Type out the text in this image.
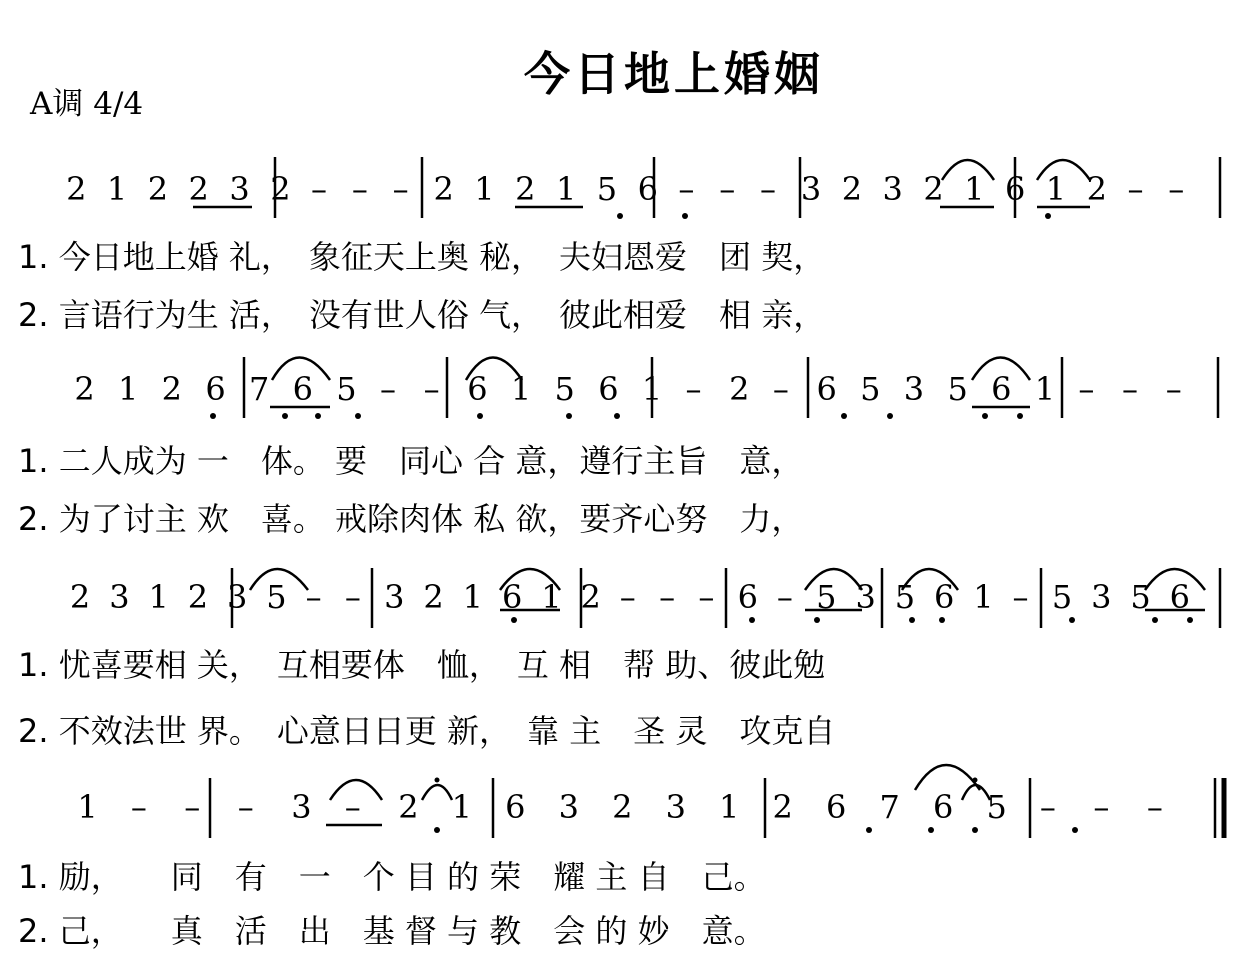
今日地上婚姻
A调 4/4
2 1 2 2 3 2 – – – 2 1 2 1 5 6 – – – 3 2 3 2 1 6 1 2 – –
2 1 2 6 7 6 5 – – 6 1 5 6 1 – 2 – 6 5 3 5 6 1 – – –
2 3 1 2 3 5 – – 3 2 1 6 1 2 – – – 6 – 5 3 5 6 1 – 5 3 5 6
1 – – – 3 – 2 1 6 3 2 3 1 2 6 7 6 5 – – –
1. 今日地上婚 礼，　象征天上奥 秘，　夫妇恩爱　团 契，
2. 言语行为生 活，　没有世人俗 气，　彼此相爱　相 亲，
1. 二人成为 一　体。 要　同心 合 意，遵行主旨　意，
2. 为了讨主 欢　喜。 戒除肉体 私 欲，要齐心努　力，
1. 忧喜要相 关，　互相要体　恤，　互 相　帮 助、彼此勉
2. 不效法世 界。　心意日日更 新，　靠 主　圣 灵　攻克自
1. 励，　　同　有　一　个 目 的 荣　耀 主 自　己。
2. 己，　　真　活　出　基 督 与 教　会 的 妙　意。
